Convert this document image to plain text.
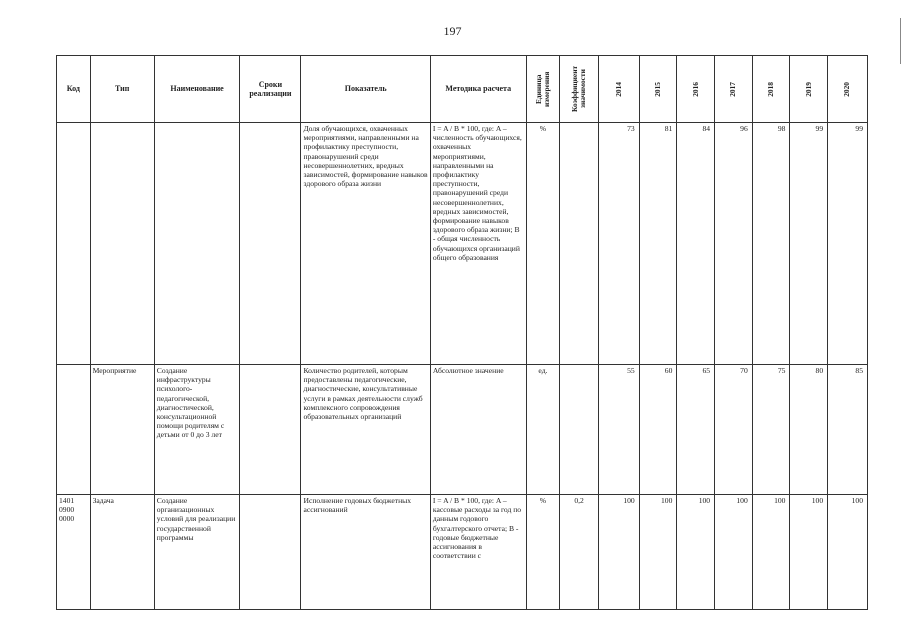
197
Код	Тип	Наименование	Сроки реализации	Показатель	Методика расчета	Единица измерения	Коэффициент значимости	2014	2015	2016	2017	2018	2019	2020

				Доля обучающихся, охваченных мероприятиями, направленными на профилактику преступности, правонарушений среди несовершеннолетних, вредных зависимостей, формирование навыков здорового образа жизни	I = A / B * 100, где: A – численность обучающихся, охваченных мероприятиями, направленными на профилактику преступности, правонарушений среди несовершеннолетних, вредных зависимостей, формирование навыков здорового образа жизни; B - общая численность обучающихся организаций общего образования	%		73	81	84	96	98	99	99
	Мероприятие	Создание инфраструктуры психолого-педагогической, диагностической, консультационной помощи родителям с детьми от 0 до 3 лет		Количество родителей, которым предоставлены педагогические, диагностические, консультативные услуги в рамках деятельности служб комплексного сопровождения образовательных организаций	Абсолютное значение	ед.		55	60	65	70	75	80	85
1401 0900 0000	Задача	Создание организационных условий для реализации государственной программы		Исполнение годовых бюджетных ассигнований	I = A / B * 100, где: A – кассовые расходы за год по данным годового бухгалтерского отчета; B - годовые бюджетные ассигнования в соответствии с	%	0,2	100	100	100	100	100	100	100
